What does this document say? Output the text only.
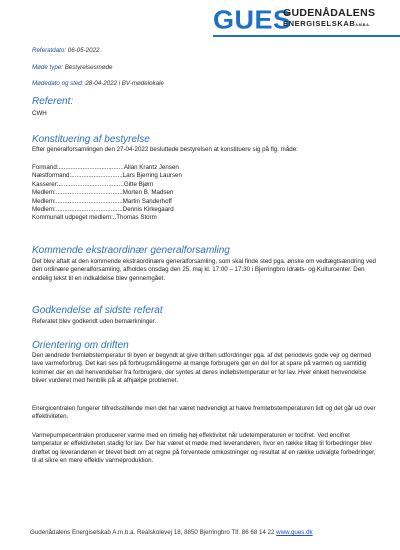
GUES
GUDENÅDALENS
ENERGISELSKABA.M.B.A.
Referatdato: 06-05-2022
Møde type: Bestyrelsesmøde
Mødedato og sted: 28-04-2022 i BV-mødelokale
Referent:
CWH
Konstituering af bestyrelse
Efter generalforsamlingen den 27-04-2022 besluttede bestyrelsen at konstituere sig på flg. måde:
Formand:......................................Allan Krantz Jensen
Næstformand:..............................Lars Bjerring Laursen
Kasserer:......................................Gitte Bjørn
Medlem:.......................................Morten B. Madsen
Medlem:.......................................Martin Sanderhoff
Medlem:.......................................Dennis Kirkegaard
Kommunalt udpeget medlem:..Thomas Storm
Kommende ekstraordinær generalforsamling
Det blev aftalt at den kommende ekstraordinære generalforsamling, som skal finde sted pga. ønske om vedtægtsændring ved den ordinære generalforsamling, afholdes onsdag den 25. maj kl. 17:00 – 17:30 i Bjerringbro Idræts- og Kulturcenter. Den endelig tekst til en indkaldelse blev gennemgået.
Godkendelse af sidste referat
Referatet blev godkendt uden bemærkninger.
Orientering om driften
Den ændrede fremløbstemperatur til byen er begyndt at give driften udfordringer pga. af det periodevis gode vejr og dermed lave varmeforbrug. Det kan ses på forbrugsmålingerne at mange forbrugere gør en del for at spare på varmen og samtidig kommer der en del henvendelser fra forbrugere, der syntes at deres indløbstemperatur er for lav. Hver enkelt henvendelse bliver vurderet med henblik på at afhjælpe problemet.
Energicentralen fungerer tilfredsstillende men det har været nødvendigt at hæve fremløbstemperaturen lidt og det går ud over effektiviteten.
Varmepumpecentralen producerer varme med en rimelig høj effektivitet når udetemperaturen er tocifret. Ved encifret temperatur er effektiviteten stadig for lav. Der har været et møde med leverandøren, hvor en række tiltag til forbedringer blev drøftet og leverandøren er blevet bedt om at regne på forventede omkostninger og resultat af en række udvalgte forbedringer, til at sikre en mere effektiv varmeproduktion.
Gudenådalens Energiselskab A.m.b.a. Realskolevej 18, 8850 Bjerringbro Tlf. 86 68 14 22 www.gues.dk
